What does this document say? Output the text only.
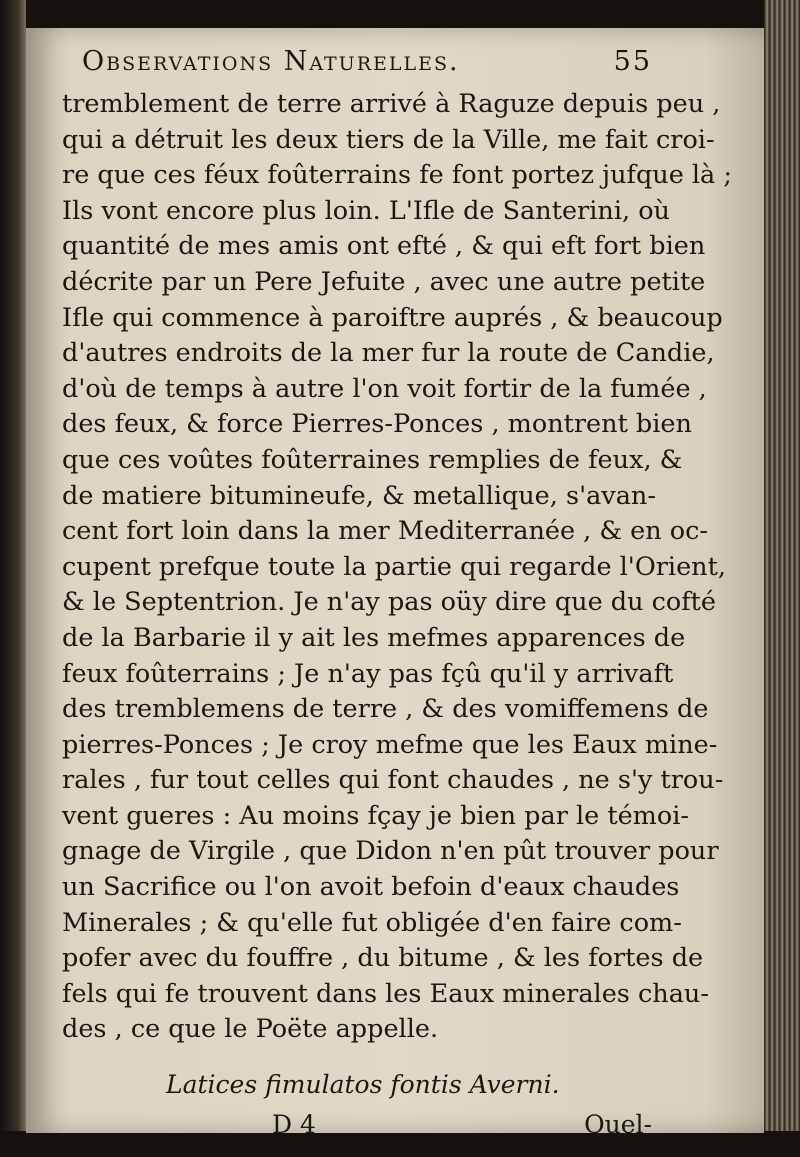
Observations Naturelles.	55
tremblement de terre arrivé à Raguze depuis peu ,
qui a détruit les deux tiers de la Ville, me fait croi-
re que ces féux foûterrains fe font portez jufque là ;
Ils vont encore plus loin. L'Ifle de Santerini, où
quantité de mes amis ont efté , & qui eft fort bien
décrite par un Pere Jefuite , avec une autre petite
Ifle qui commence à paroiftre auprés , & beaucoup
d'autres endroits de la mer fur la route de Candie,
d'où de temps à autre l'on voit fortir de la fumée ,
des feux, & force Pierres-Ponces , montrent bien
que ces voûtes foûterraines remplies de feux, &
de matiere bitumineufe, & metallique, s'avan-
cent fort loin dans la mer Mediterranée , & en oc-
cupent prefque toute la partie qui regarde l'Orient,
& le Septentrion. Je n'ay pas oüy dire que du cofté
de la Barbarie il y ait les mefmes apparences de
feux foûterrains ; Je n'ay pas fçû qu'il y arrivaft
des tremblemens de terre , & des vomiffemens de
pierres-Ponces ; Je croy mefme que les Eaux mine-
rales , fur tout celles qui font chaudes , ne s'y trou-
vent gueres : Au moins fçay je bien par le témoi-
gnage de Virgile , que Didon n'en pût trouver pour
un Sacrifice ou l'on avoit befoin d'eaux chaudes
Minerales ; & qu'elle fut obligée d'en faire com-
pofer avec du fouffre , du bitume , & les fortes de
fels qui fe trouvent dans les Eaux minerales chau-
des , ce que le Poëte appelle.
Latices fimulatos fontis Averni.
D 4	Quel-
